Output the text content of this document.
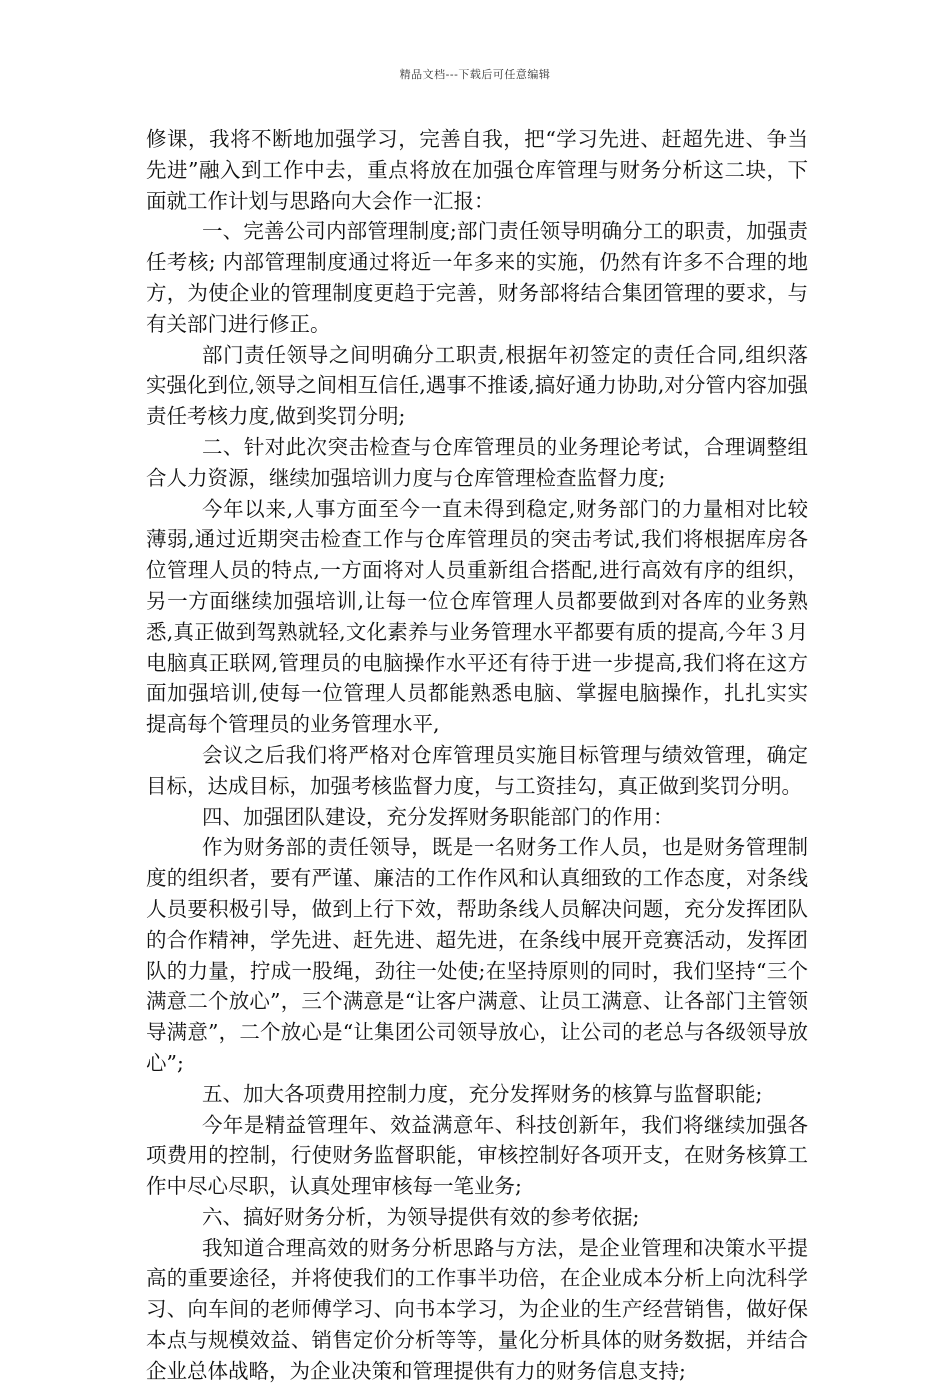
精品文档---下载后可任意编辑

修课，我将不断地加强学习，完善自我，把“学习先进、赶超先进、争当先进”融入到工作中去，重点将放在加强仓库管理与财务分析这二块，下面就工作计划与思路向大会作一汇报：

一、完善公司内部管理制度;部门责任领导明确分工的职责，加强责任考核; 内部管理制度通过将近一年多来的实施，仍然有许多不合理的地方，为使企业的管理制度更趋于完善，财务部将结合集团管理的要求，与有关部门进行修正。

部门责任领导之间明确分工职责,根据年初签定的责任合同,组织落实强化到位,领导之间相互信任,遇事不推诿,搞好通力协助,对分管内容加强责任考核力度,做到奖罚分明;

二、针对此次突击检查与仓库管理员的业务理论考试，合理调整组合人力资源，继续加强培训力度与仓库管理检查监督力度;

今年以来,人事方面至今一直未得到稳定,财务部门的力量相对比较薄弱,通过近期突击检查工作与仓库管理员的突击考试,我们将根据库房各位管理人员的特点,一方面将对人员重新组合搭配,进行高效有序的组织，另一方面继续加强培训,让每一位仓库管理人员都要做到对各库的业务熟悉,真正做到驾熟就轻,文化素养与业务管理水平都要有质的提高,今年３月电脑真正联网,管理员的电脑操作水平还有待于进一步提高,我们将在这方面加强培训,使每一位管理人员都能熟悉电脑、掌握电脑操作，扎扎实实提高每个管理员的业务管理水平,

会议之后我们将严格对仓库管理员实施目标管理与绩效管理，确定目标，达成目标，加强考核监督力度，与工资挂勾，真正做到奖罚分明。

四、加强团队建设，充分发挥财务职能部门的作用：

作为财务部的责任领导，既是一名财务工作人员，也是财务管理制度的组织者，要有严谨、廉洁的工作作风和认真细致的工作态度，对条线人员要积极引导，做到上行下效，帮助条线人员解决问题，充分发挥团队的合作精神，学先进、赶先进、超先进，在条线中展开竞赛活动，发挥团队的力量，拧成一股绳，劲往一处使;在坚持原则的同时，我们坚持“三个满意二个放心”，三个满意是“让客户满意、让员工满意、让各部门主管领导满意”，二个放心是“让集团公司领导放心，让公司的老总与各级领导放心”;

五、加大各项费用控制力度，充分发挥财务的核算与监督职能;

今年是精益管理年、效益满意年、科技创新年，我们将继续加强各项费用的控制，行使财务监督职能，审核控制好各项开支，在财务核算工作中尽心尽职，认真处理审核每一笔业务;

六、搞好财务分析，为领导提供有效的参考依据;

我知道合理高效的财务分析思路与方法，是企业管理和决策水平提高的重要途径，并将使我们的工作事半功倍，在企业成本分析上向沈科学习、向车间的老师傅学习、向书本学习，为企业的生产经营销售，做好保本点与规模效益、销售定价分析等等，量化分析具体的财务数据，并结合企业总体战略，为企业决策和管理提供有力的财务信息支持;
